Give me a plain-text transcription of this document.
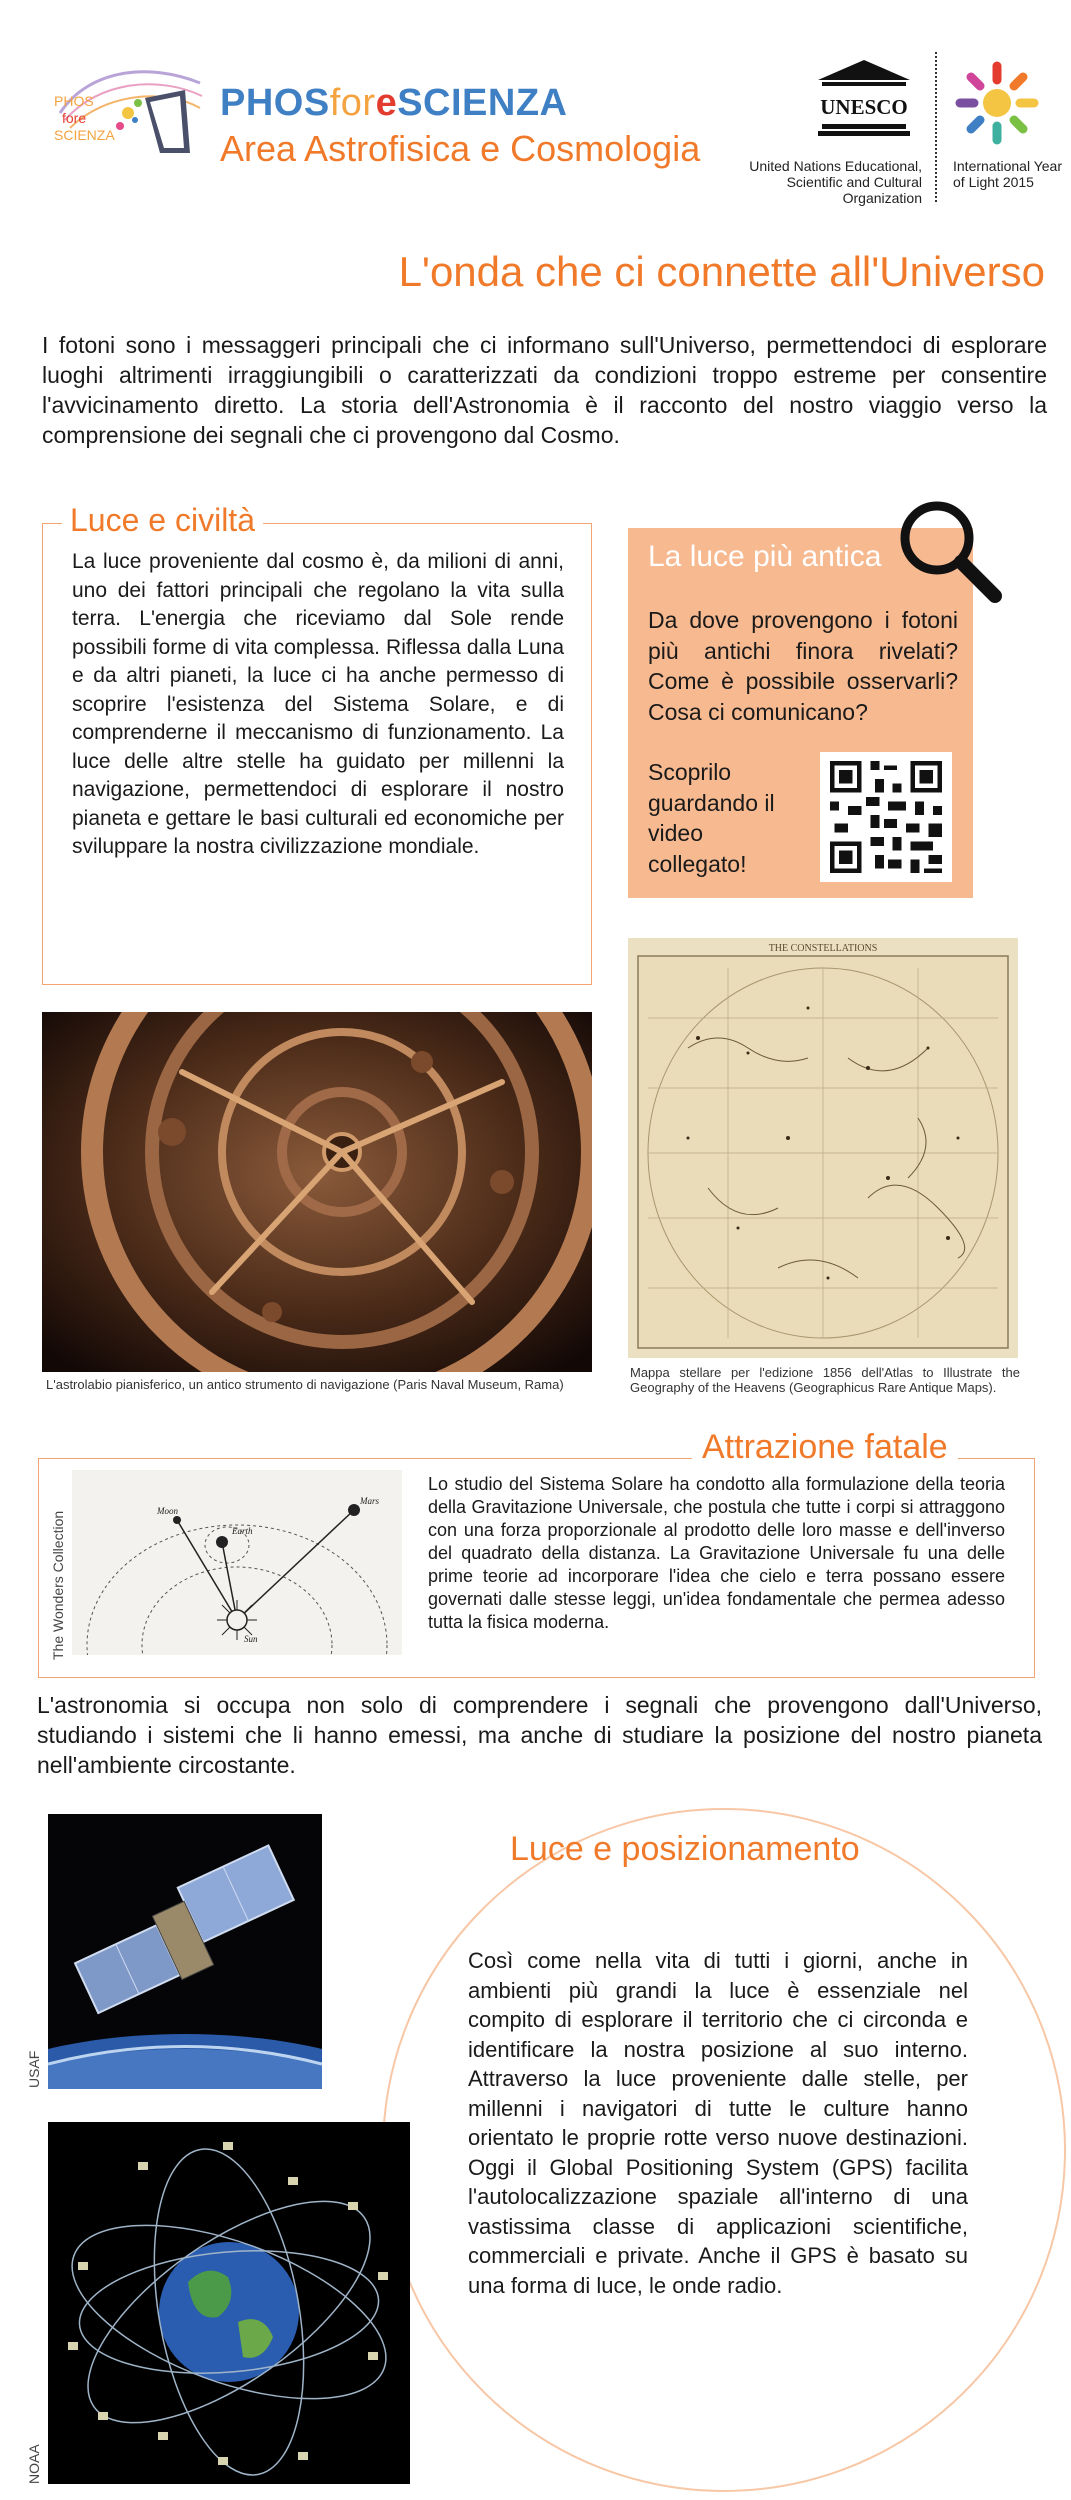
PHOS
fore
SCIENZA
PHOSforeSCIENZA
Area Astrofisica e Cosmologia
UNESCO
United Nations Educational, Scientific and Cultural Organization
International Year of Light 2015
L'onda che ci connette all'Universo
I fotoni sono i messaggeri principali che ci informano sull'Universo, permettendoci di esplorare luoghi altrimenti irraggiungibili o caratterizzati da condizioni troppo estreme per consentire l'avvicinamento diretto. La storia dell'Astronomia è il racconto del nostro viaggio verso la comprensione dei segnali che ci provengono dal Cosmo.
Luce e civiltà
La luce proveniente dal cosmo è, da milioni di anni, uno dei fattori principali che regolano la vita sulla terra. L'energia che riceviamo dal Sole rende possibili forme di vita complessa. Riflessa dalla Luna e da altri pianeti, la luce ci ha anche permesso di scoprire l'esistenza del Sistema Solare, e di comprenderne il meccanismo di funzionamento. La luce delle altre stelle ha guidato per millenni la navigazione, permettendoci di esplorare il nostro pianeta e gettare le basi culturali ed economiche per sviluppare la nostra civilizzazione mondiale.
La luce più antica
Da dove provengono i fotoni più antichi finora rivelati? Come è possibile osservarli? Cosa ci comunicano?
Scoprilo guardando il video collegato!
L'astrolabio pianisferico, un antico strumento di navigazione (Paris Naval Museum, Rama)
THE CONSTELLATIONS
Mappa stellare per l'edizione 1856 dell'Atlas to Illustrate the Geography of the Heavens (Geographicus Rare Antique Maps).
Attrazione fatale
The Wonders Collection
Mars
Earth
Moon
Sun
Lo studio del Sistema Solare ha condotto alla formulazione della teoria della Gravitazione Universale, che postula che tutte i corpi si attraggono con una forza proporzionale al prodotto delle loro masse e dell'inverso del quadrato della distanza. La Gravitazione Universale fu una delle prime teorie ad incorporare l'idea che cielo e terra possano essere governati dalle stesse leggi, un'idea fondamentale che permea adesso tutta la fisica moderna.
L'astronomia si occupa non solo di comprendere i segnali che provengono dall'Universo, studiando i sistemi che li hanno emessi, ma anche di studiare la posizione del nostro pianeta nell'ambiente circostante.
Luce e posizionamento
Così come nella vita di tutti i giorni, anche in ambienti più grandi la luce è essenziale nel compito di esplorare il territorio che ci circonda e identificare la nostra posizione al suo interno. Attraverso la luce proveniente dalle stelle, per millenni i navigatori di tutte le culture hanno orientato le proprie rotte verso nuove destinazioni. Oggi il Global Positioning System (GPS) facilita l'autolocalizzazione spaziale all'interno di una vastissima classe di applicazioni scientifiche, commerciali e private. Anche il GPS è basato su una forma di luce, le onde radio.
USAF
NOAA
